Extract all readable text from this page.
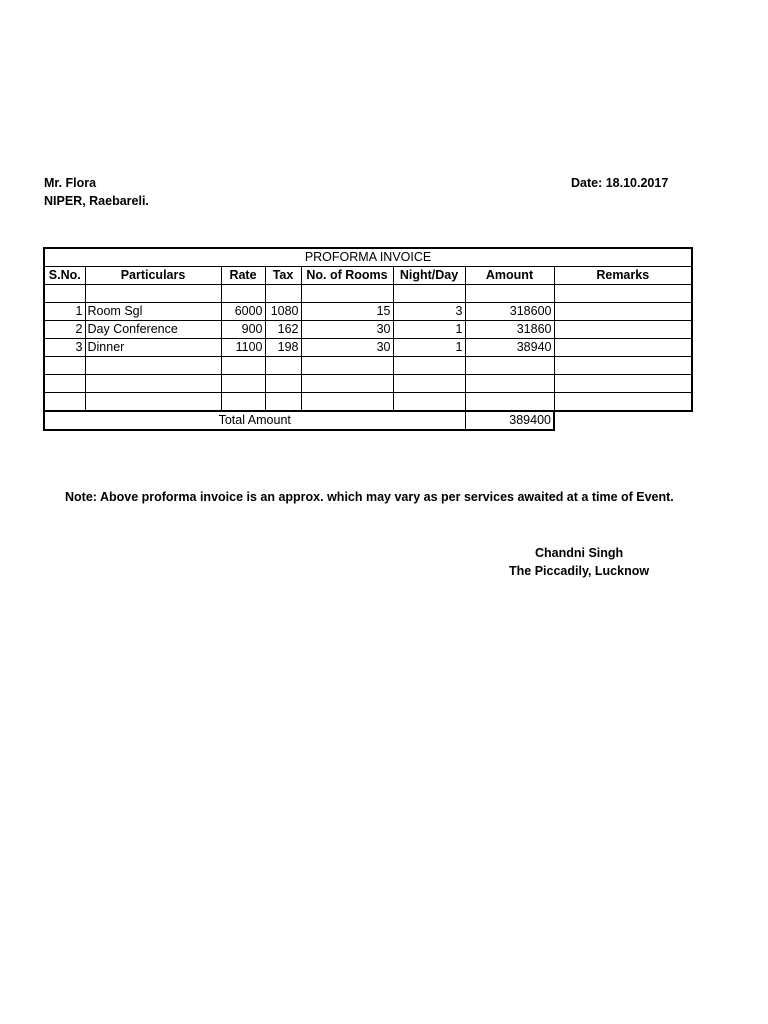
Mr. Flora
NIPER, Raebareli.
Date: 18.10.2017
PROFORMA INVOICE							
S.No.	Particulars	Rate	Tax	No. of Rooms	Night/Day	Amount	Remarks

1	Room Sgl	6000	1080	15	3	318600	
2	Day Conference	900	162	30	1	31860	
3	Dinner	1100	198	30	1	38940	

Total Amount						389400	
Note: Above proforma invoice is an approx. which may vary as per services awaited at a time of Event.
Chandni Singh
The Piccadily, Lucknow
